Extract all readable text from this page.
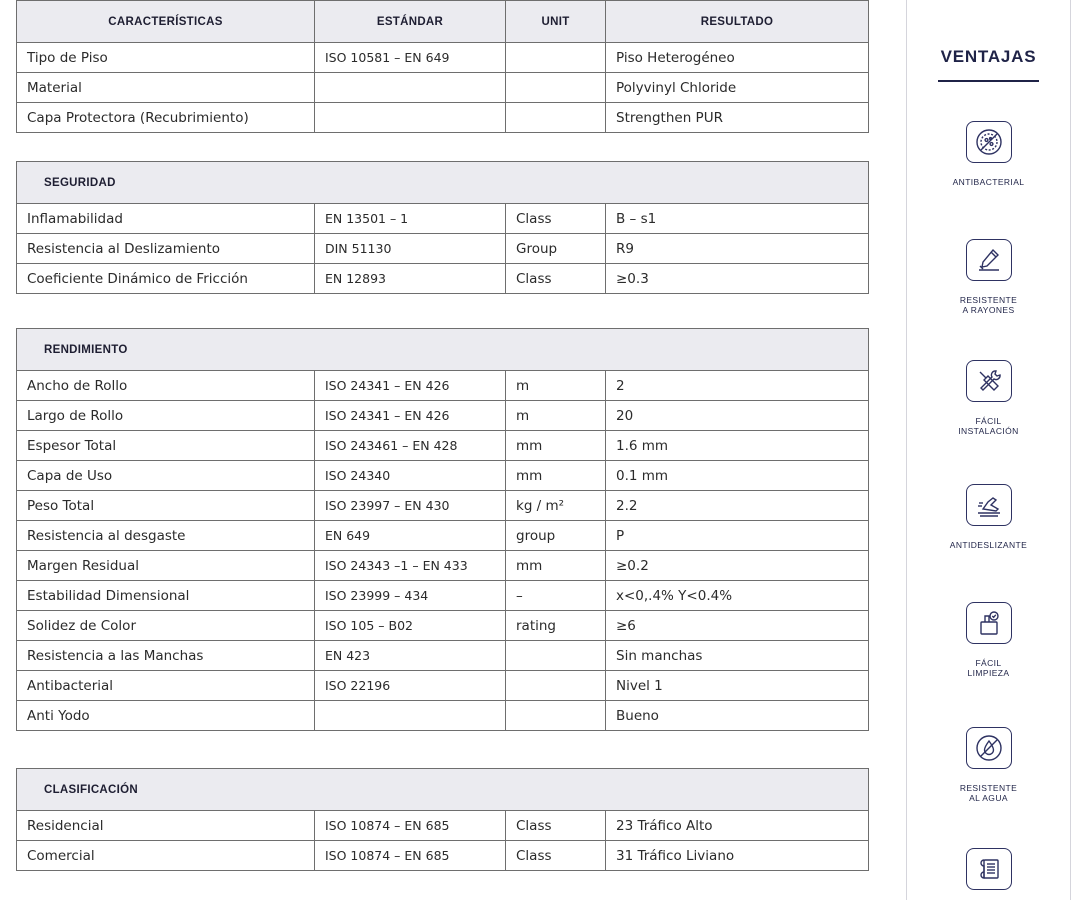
CARACTERÍSTICAS	ESTÁNDAR	UNIT	RESULTADO
Tipo de Piso	ISO 10581 – EN 649		Piso Heterogéneo
Material			Polyvinyl Chloride
Capa Protectora (Recubrimiento)			Strengthen PUR
SEGURIDAD			
Inflamabilidad	EN 13501 – 1	Class	B – s1
Resistencia al Deslizamiento	DIN 51130	Group	R9
Coeficiente Dinámico de Fricción	EN 12893	Class	≥0.3
RENDIMIENTO			
Ancho de Rollo	ISO 24341 – EN 426	m	2
Largo de Rollo	ISO 24341 – EN 426	m	20
Espesor Total	ISO 243461 – EN 428	mm	1.6 mm
Capa de Uso	ISO 24340	mm	0.1 mm
Peso Total	ISO 23997 – EN 430	kg / m²	2.2
Resistencia al desgaste	EN 649	group	P
Margen Residual	ISO 24343 –1 – EN 433	mm	≥0.2
Estabilidad Dimensional	ISO 23999 – 434	–	x<0,.4% Y<0.4%
Solidez de Color	ISO 105 – B02	rating	≥6
Resistencia a las Manchas	EN 423		Sin manchas
Antibacterial	ISO 22196		Nivel 1
Anti Yodo			Bueno
CLASIFICACIÓN			
Residencial	ISO 10874 – EN 685	Class	23 Tráfico Alto
Comercial	ISO 10874 – EN 685	Class	31 Tráfico Liviano
VENTAJAS
ANTIBACTERIAL
RESISTENTE
A RAYONES
FÁCIL
INSTALACIÓN
ANTIDESLIZANTE
FÁCIL
LIMPIEZA
RESISTENTE
AL AGUA
